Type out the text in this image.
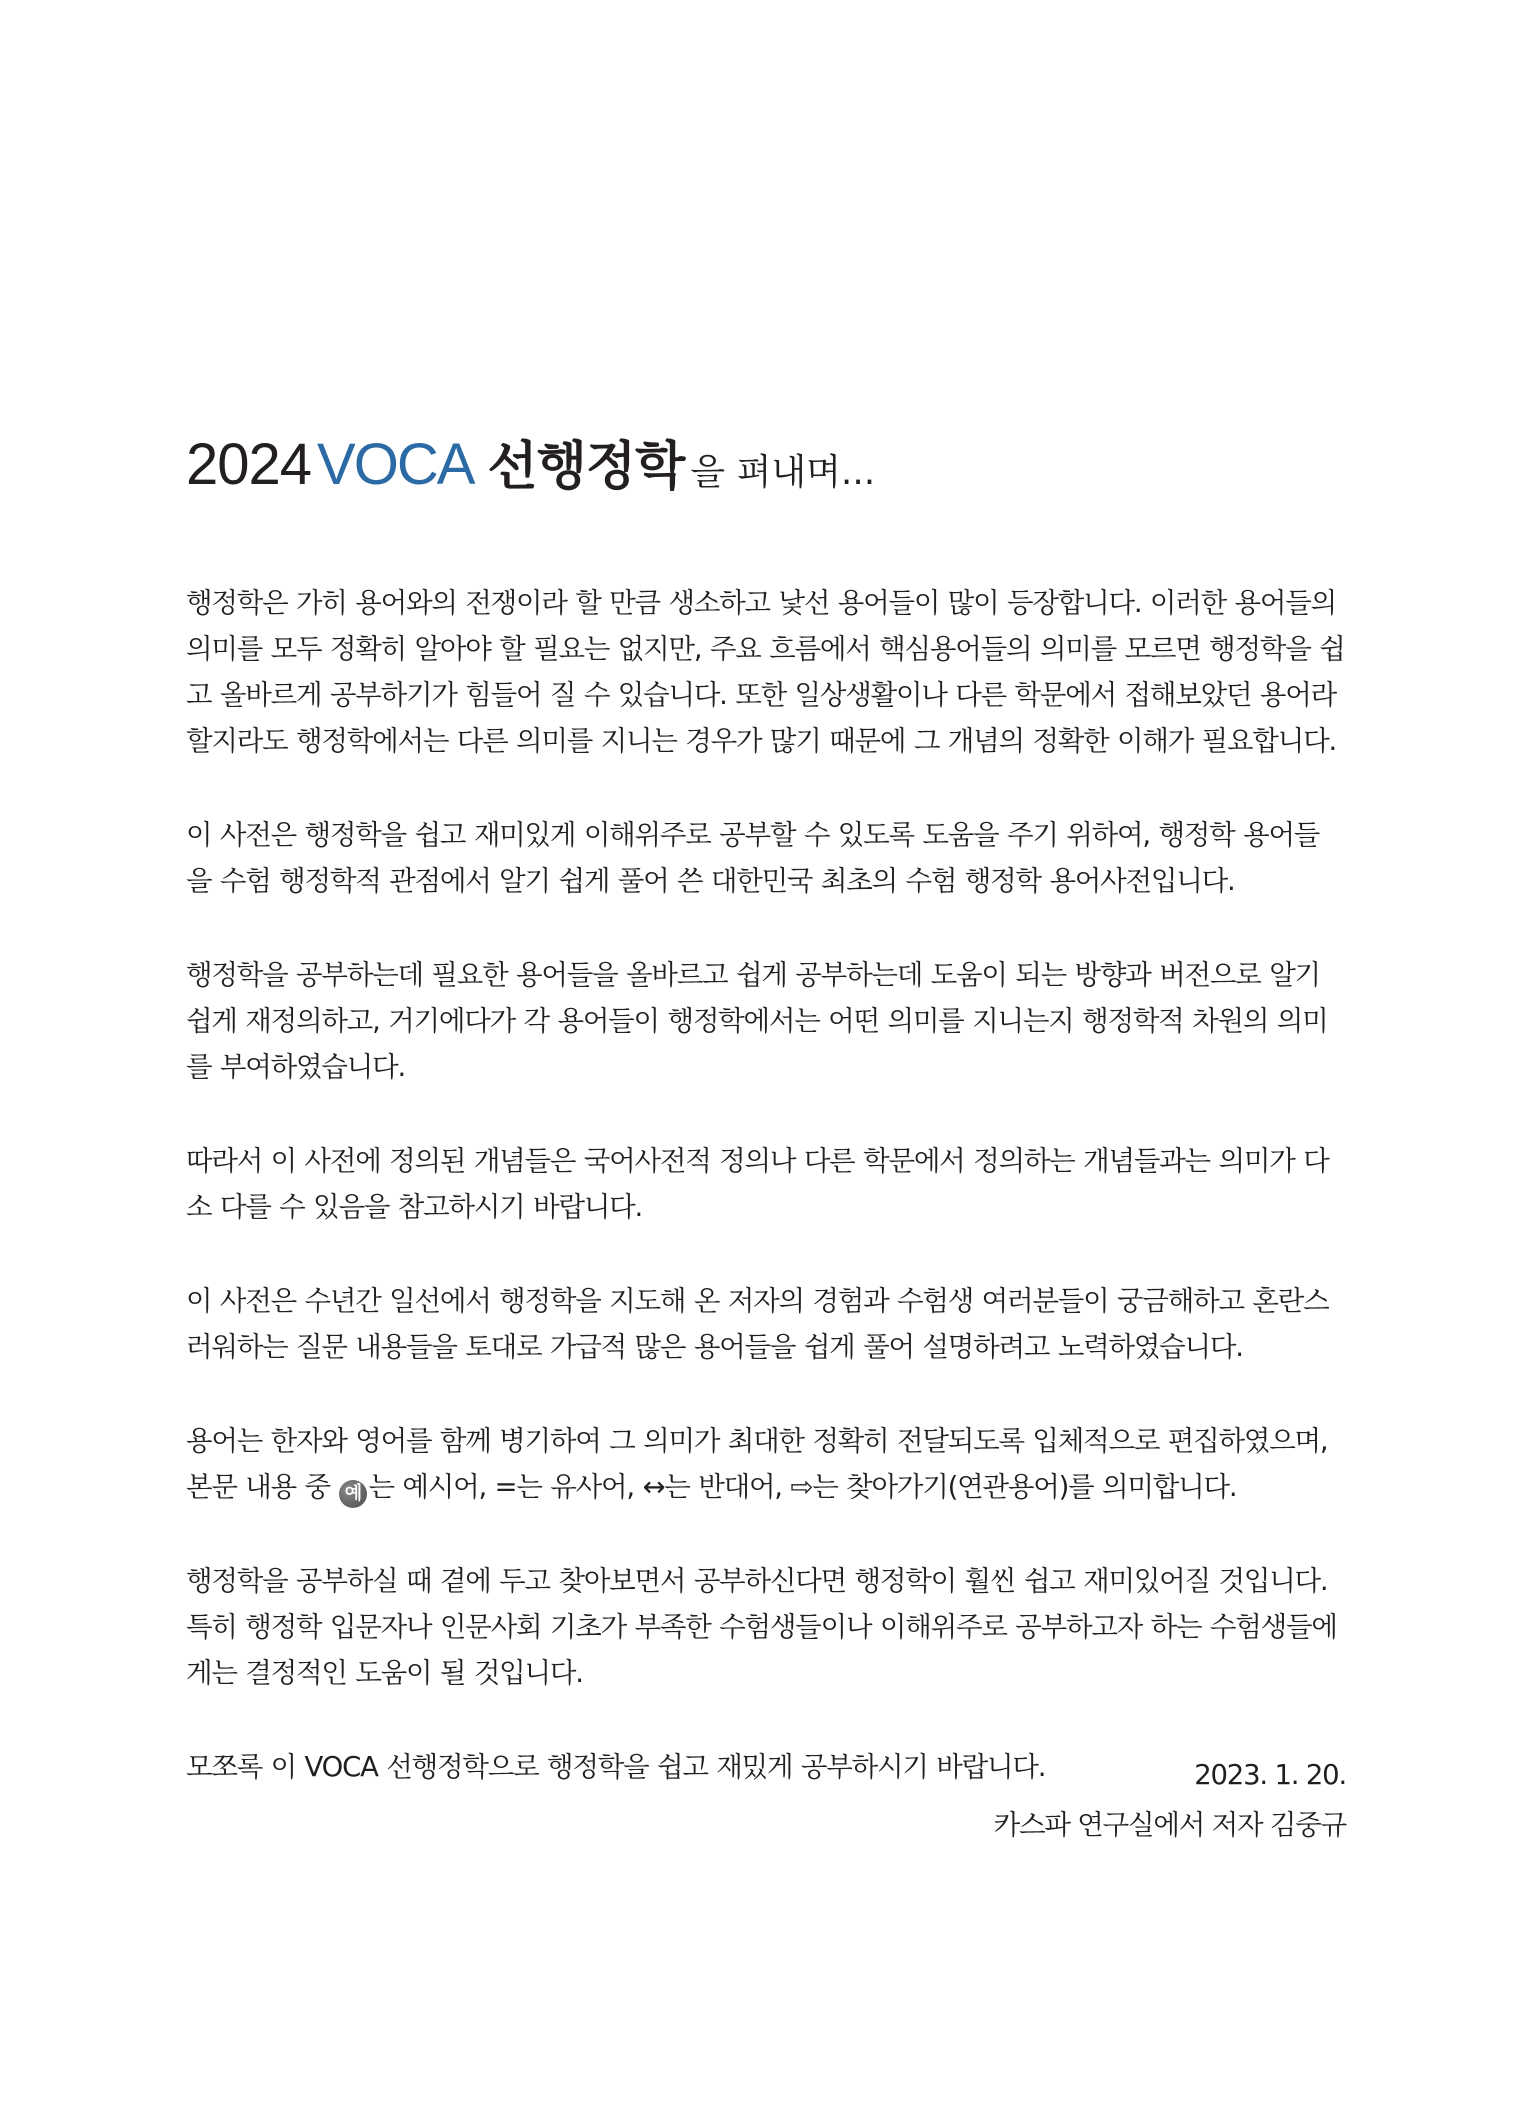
2024 VOCA 선행정학 을 펴내며...

행정학은 가히 용어와의 전쟁이라 할 만큼 생소하고 낯선 용어들이 많이 등장합니다. 이러한 용어들의
의미를 모두 정확히 알아야 할 필요는 없지만, 주요 흐름에서 핵심용어들의 의미를 모르면 행정학을 쉽
고 올바르게 공부하기가 힘들어 질 수 있습니다. 또한 일상생활이나 다른 학문에서 접해보았던 용어라
할지라도 행정학에서는 다른 의미를 지니는 경우가 많기 때문에 그 개념의 정확한 이해가 필요합니다.

이 사전은 행정학을 쉽고 재미있게 이해위주로 공부할 수 있도록 도움을 주기 위하여, 행정학 용어들
을 수험 행정학적 관점에서 알기 쉽게 풀어 쓴 대한민국 최초의 수험 행정학 용어사전입니다.

행정학을 공부하는데 필요한 용어들을 올바르고 쉽게 공부하는데 도움이 되는 방향과 버전으로 알기
쉽게 재정의하고, 거기에다가 각 용어들이 행정학에서는 어떤 의미를 지니는지 행정학적 차원의 의미
를 부여하였습니다.

따라서 이 사전에 정의된 개념들은 국어사전적 정의나 다른 학문에서 정의하는 개념들과는 의미가 다
소 다를 수 있음을 참고하시기 바랍니다.

이 사전은 수년간 일선에서 행정학을 지도해 온 저자의 경험과 수험생 여러분들이 궁금해하고 혼란스
러워하는 질문 내용들을 토대로 가급적 많은 용어들을 쉽게 풀어 설명하려고 노력하였습니다.

용어는 한자와 영어를 함께 병기하여 그 의미가 최대한 정확히 전달되도록 입체적으로 편집하였으며,
본문 내용 중 예 는 예시어, =는 유사어, ↔는 반대어, ⇨는 찾아가기(연관용어)를 의미합니다.

행정학을 공부하실 때 곁에 두고 찾아보면서 공부하신다면 행정학이 훨씬 쉽고 재미있어질 것입니다.
특히 행정학 입문자나 인문사회 기초가 부족한 수험생들이나 이해위주로 공부하고자 하는 수험생들에
게는 결정적인 도움이 될 것입니다.

모쪼록 이 VOCA 선행정학으로 행정학을 쉽고 재밌게 공부하시기 바랍니다.	2023. 1. 20.
카스파 연구실에서 저자 김중규
